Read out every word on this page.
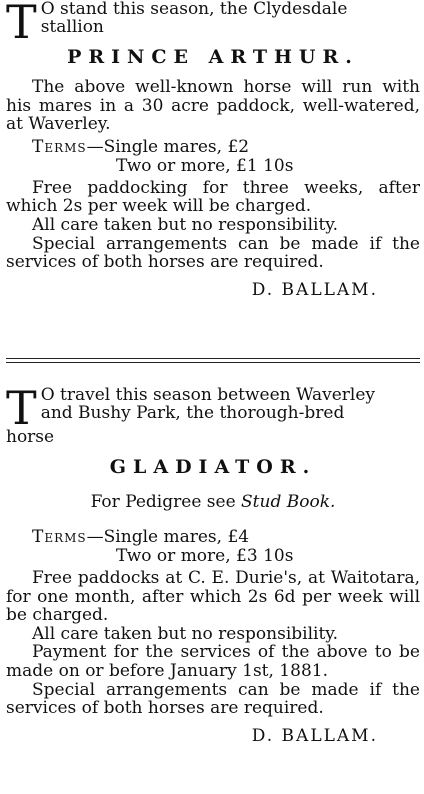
T O stand this season, the Clydesdale

stallion

PRINCE ARTHUR.

The above well-known horse will run with his mares in a 30 acre paddock, well-watered, at Waverley.

Terms—Single mares, £2

Two or more, £1 10s

Free paddocking for three weeks, after which 2s per week will be charged.

All care taken but no responsibility.

Special arrangements can be made if the services of both horses are required.

D. BALLAM.

T O travel this season between Waverley

and Bushy Park, the thorough-bred

horse

GLADIATOR.

For Pedigree see Stud Book.

Terms—Single mares, £4

Two or more, £3 10s

Free paddocks at C. E. Durie's, at Waitotara, for one month, after which 2s 6d per week will be charged.

All care taken but no responsibility.

Payment for the services of the above to be made on or before January 1st, 1881.

Special arrangements can be made if the services of both horses are required.

D. BALLAM.
